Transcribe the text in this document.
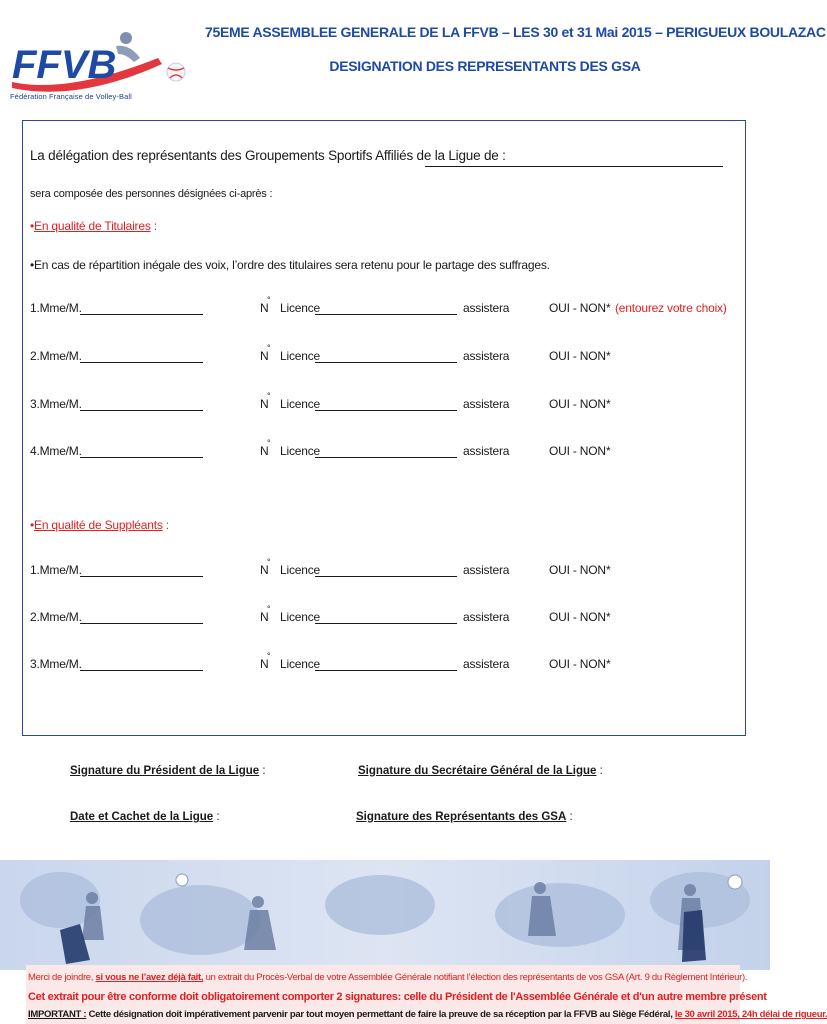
FFVB
Fédération Française de Volley-Ball
75EME ASSEMBLEE GENERALE DE LA FFVB – LES 30 et 31 Mai 2015 – PERIGUEUX BOULAZAC
DESIGNATION DES REPRESENTANTS DES GSA
La délégation des représentants des Groupements Sportifs Affiliés de la Ligue de :
sera composée des personnes désignées ci-après :
•En qualité de Titulaires :
•En cas de répartition inégale des voix, l’ordre des titulaires sera retenu pour le partage des suffrages.
1.Mme/M.	N
°
Licence	assistera	OUI - NON * (entourez votre choix)
2.Mme/M.	N
°
Licence	assistera	OUI - NON *
3.Mme/M.	N
°
Licence	assistera	OUI - NON *
4.Mme/M.	N
°
Licence	assistera	OUI - NON *
•En qualité de Suppléants :
1.Mme/M.	N
°
Licence	assistera	OUI - NON *
2.Mme/M.	N
°
Licence	assistera	OUI - NON *
3.Mme/M.	N
°
Licence	assistera	OUI - NON *
Signature du Président de la Ligue :	Signature du Secrétaire Général de la Ligue :
Date et Cachet de la Ligue :	Signature des Représentants des GSA :
Merci de joindre, si vous ne l’avez déjà fait, un extrait du Procès-Verbal de votre Assemblée Générale notifiant l’élection des représentants de vos GSA (Art. 9 du Règlement Intérieur).
Cet extrait pour être conforme doit obligatoirement comporter 2 signatures: celle du Président de l'Assemblée Générale et d'un autre membre présent
IMPORTANT : Cette désignation doit impérativement parvenir par tout moyen permettant de faire la preuve de sa réception par la FFVB au Siège Fédéral, le 30 avril 2015, 24h délai de rigueur.
